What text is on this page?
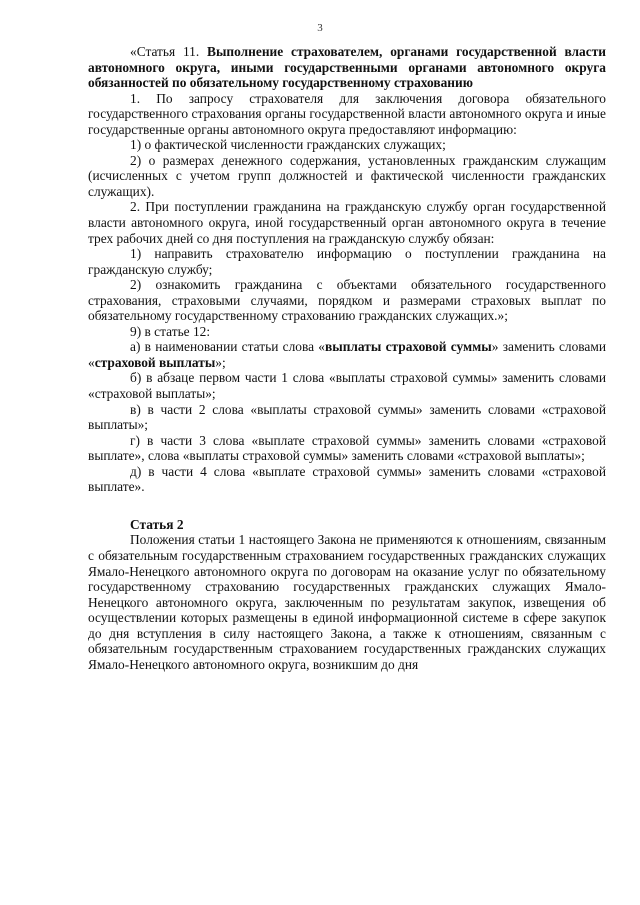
3

«Статья 11. Выполнение страхователем, органами государственной власти автономного округа, иными государственными органами автономного округа обязанностей по обязательному государственному страхованию

1. По запросу страхователя для заключения договора обязательного государственного страхования органы государственной власти автономного округа и иные государственные органы автономного округа предоставляют информацию:

1) о фактической численности гражданских служащих;

2) о размерах денежного содержания, установленных гражданским служащим (исчисленных с учетом групп должностей и фактической численности гражданских служащих).

2. При поступлении гражданина на гражданскую службу орган государственной власти автономного округа, иной государственный орган автономного округа в течение трех рабочих дней со дня поступления на гражданскую службу обязан:

1) направить страхователю информацию о поступлении гражданина на гражданскую службу;

2) ознакомить гражданина с объектами обязательного государственного страхования, страховыми случаями, порядком и размерами страховых выплат по обязательному государственному страхованию гражданских служащих.»;

9) в статье 12:

а) в наименовании статьи слова «выплаты страховой суммы» заменить словами «страховой выплаты»;

б) в абзаце первом части 1 слова «выплаты страховой суммы» заменить словами «страховой выплаты»;

в) в части 2 слова «выплаты страховой суммы» заменить словами «страховой выплаты»;

г) в части 3 слова «выплате страховой суммы» заменить словами «страховой выплате», слова «выплаты страховой суммы» заменить словами «страховой выплаты»;

д) в части 4 слова «выплате страховой суммы» заменить словами «страховой выплате».

Статья 2

Положения статьи 1 настоящего Закона не применяются к отношениям, связанным с обязательным государственным страхованием государственных гражданских служащих Ямало-Ненецкого автономного округа по договорам на оказание услуг по обязательному государственному страхованию государственных гражданских служащих Ямало-Ненецкого автономного округа, заключенным по результатам закупок, извещения об осуществлении которых размещены в единой информационной системе в сфере закупок до дня вступления в силу настоящего Закона, а также к отношениям, связанным с обязательным государственным страхованием государственных гражданских служащих Ямало-Ненецкого автономного округа, возникшим до дня
